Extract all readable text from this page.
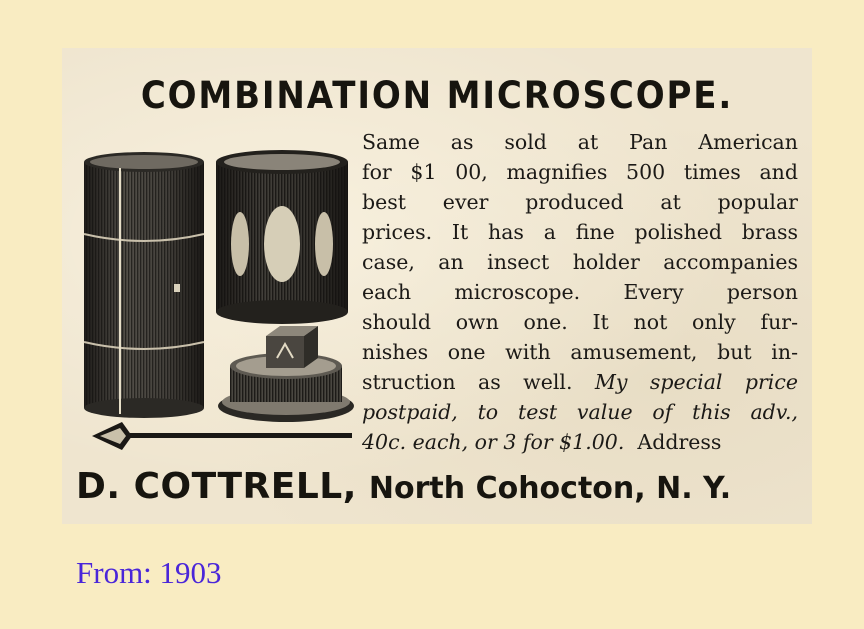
COMBINATION MICROSCOPE.
Same as sold at Pan American
for $1 00, magnifies 500 times and
best ever produced at popular
prices. It has a fine polished brass
case, an insect holder accompanies
each microscope. Every person
should own one. It not only fur-
nishes one with amusement, but in-
struction as well. My special price
postpaid, to test value of this adv.,
40c. each, or 3 for $1.00. Address
D. COTTRELL, North Cohocton, N. Y.
From: 1903
